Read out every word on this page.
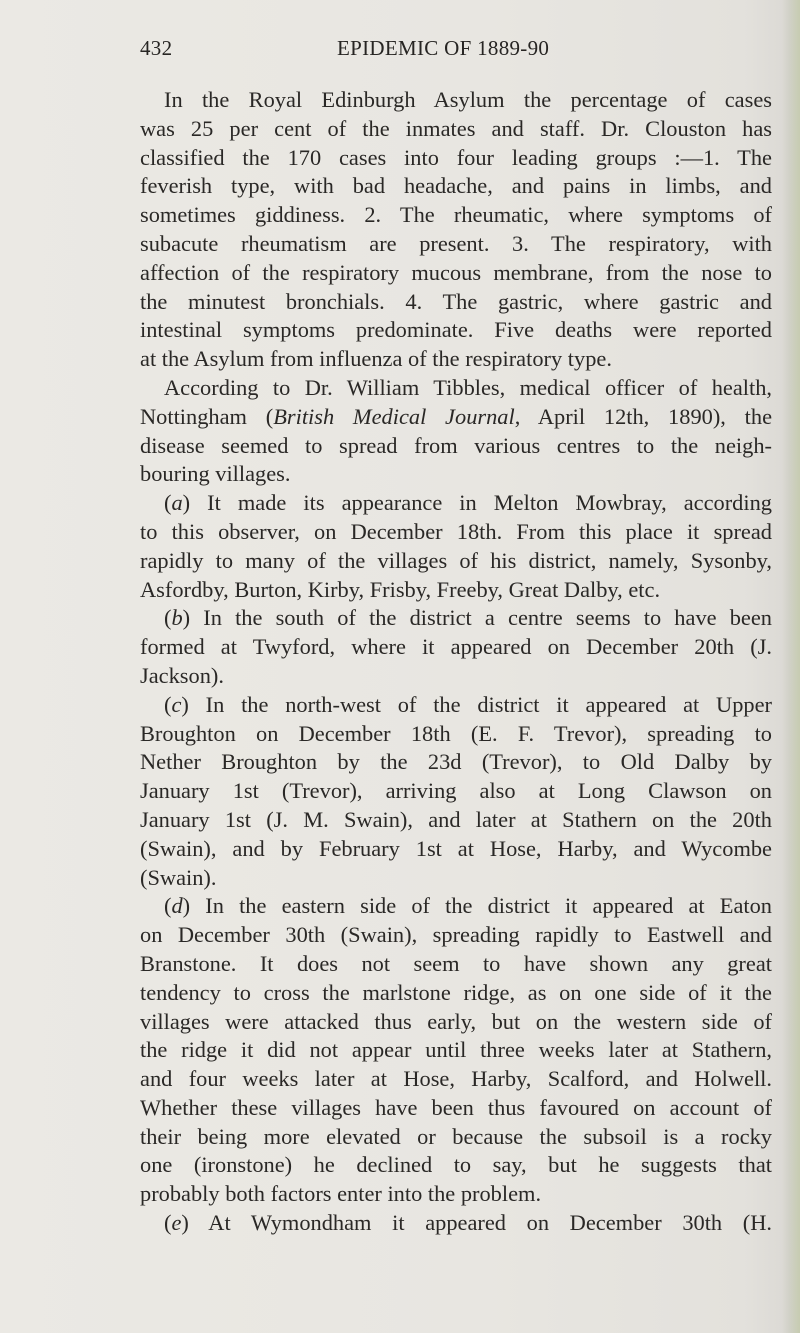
432	EPIDEMIC OF 1889-90
In the Royal Edinburgh Asylum the percentage of cases
was 25 per cent of the inmates and staff. Dr. Clouston has
classified the 170 cases into four leading groups :—1. The
feverish type, with bad headache, and pains in limbs, and
sometimes giddiness. 2. The rheumatic, where symptoms of
subacute rheumatism are present. 3. The respiratory, with
affection of the respiratory mucous membrane, from the nose to
the minutest bronchials. 4. The gastric, where gastric and
intestinal symptoms predominate. Five deaths were reported
at the Asylum from influenza of the respiratory type.
According to Dr. William Tibbles, medical officer of health,
Nottingham (British Medical Journal, April 12th, 1890), the
disease seemed to spread from various centres to the neigh-
bouring villages.
(a) It made its appearance in Melton Mowbray, according
to this observer, on December 18th. From this place it spread
rapidly to many of the villages of his district, namely, Sysonby,
Asfordby, Burton, Kirby, Frisby, Freeby, Great Dalby, etc.
(b) In the south of the district a centre seems to have been
formed at Twyford, where it appeared on December 20th (J.
Jackson).
(c) In the north-west of the district it appeared at Upper
Broughton on December 18th (E. F. Trevor), spreading to
Nether Broughton by the 23d (Trevor), to Old Dalby by
January 1st (Trevor), arriving also at Long Clawson on
January 1st (J. M. Swain), and later at Stathern on the 20th
(Swain), and by February 1st at Hose, Harby, and Wycombe
(Swain).
(d) In the eastern side of the district it appeared at Eaton
on December 30th (Swain), spreading rapidly to Eastwell and
Branstone. It does not seem to have shown any great
tendency to cross the marlstone ridge, as on one side of it the
villages were attacked thus early, but on the western side of
the ridge it did not appear until three weeks later at Stathern,
and four weeks later at Hose, Harby, Scalford, and Holwell.
Whether these villages have been thus favoured on account of
their being more elevated or because the subsoil is a rocky
one (ironstone) he declined to say, but he suggests that
probably both factors enter into the problem.
(e) At Wymondham it appeared on December 30th (H.
